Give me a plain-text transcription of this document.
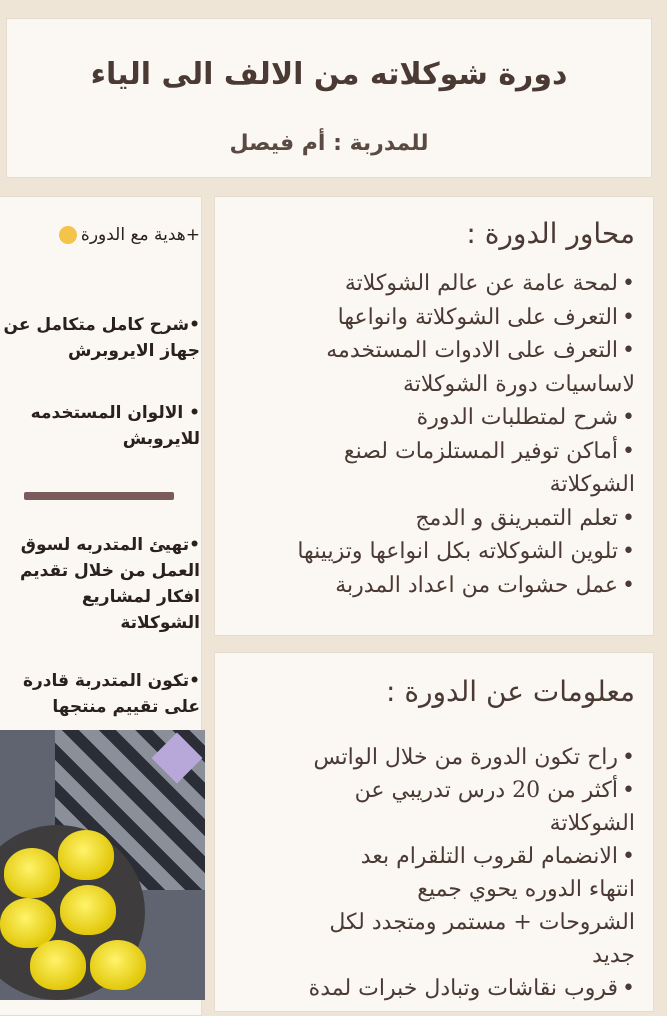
دورة شوكلاته من الالف الى الياء
للمدربة : أم فيصل
محاور الدورة :
• لمحة عامة عن عالم الشوكلاتة
• التعرف على الشوكلاتة وانواعها
• التعرف على الادوات المستخدمه
لاساسيات دورة الشوكلاتة
• شرح لمتطلبات الدورة
• أماكن توفير المستلزمات لصنع
الشوكلاتة
• تعلم التمبرينق و الدمج
• تلوين الشوكلاته بكل انواعها وتزيينها
• عمل حشوات من اعداد المدربة
معلومات عن الدورة :
• راح تكون الدورة من خلال الواتس
• أكثر من 20 درس تدريبي عن
الشوكلاتة
• الانضمام لقروب التلقرام بعد
انتهاء الدوره يحوي جميع
الشروحات + مستمر ومتجدد لكل
جديد
• قروب نقاشات وتبادل خبرات لمدة
+هدية مع الدورة
•شرح كامل متكامل عن جهاز الايروبرش
• الالوان المستخدمه للايروبش
•تهيئ المتدربه لسوق العمل من خلال تقديم افكار لمشاريع الشوكلاتة
•تكون المتدربة قادرة على تقييم منتجها
